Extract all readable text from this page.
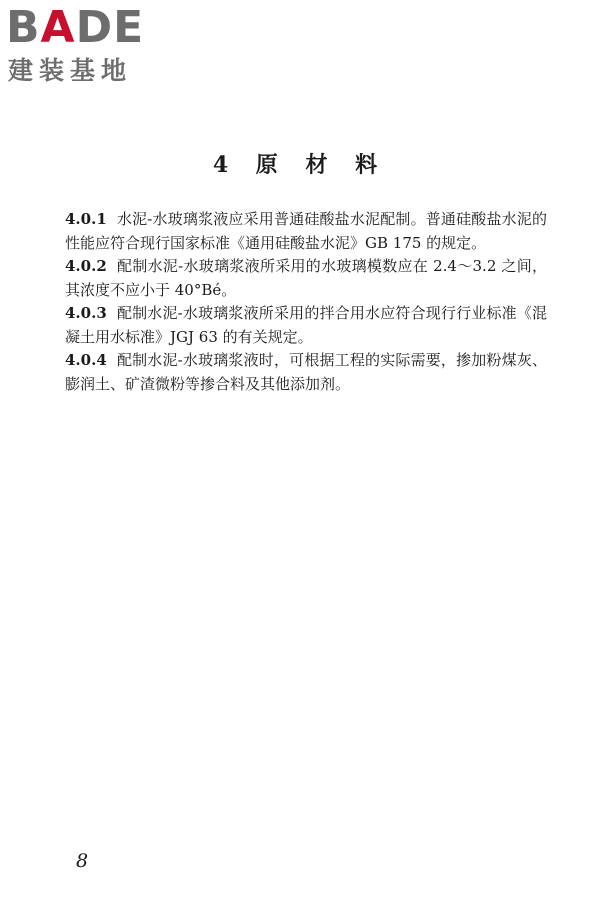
BADE
建装基地
4 原 材 料

4.0.1 水泥-水玻璃浆液应采用普通硅酸盐水泥配制。普通硅酸盐水泥的性能应符合现行国家标准《通用硅酸盐水泥》GB 175 的规定。

4.0.2 配制水泥-水玻璃浆液所采用的水玻璃模数应在 2.4～3.2 之间，其浓度不应小于 40°Bé。

4.0.3 配制水泥-水玻璃浆液所采用的拌合用水应符合现行行业标准《混凝土用水标准》JGJ 63 的有关规定。

4.0.4 配制水泥-水玻璃浆液时，可根据工程的实际需要，掺加粉煤灰、膨润土、矿渣微粉等掺合料及其他添加剂。

8
